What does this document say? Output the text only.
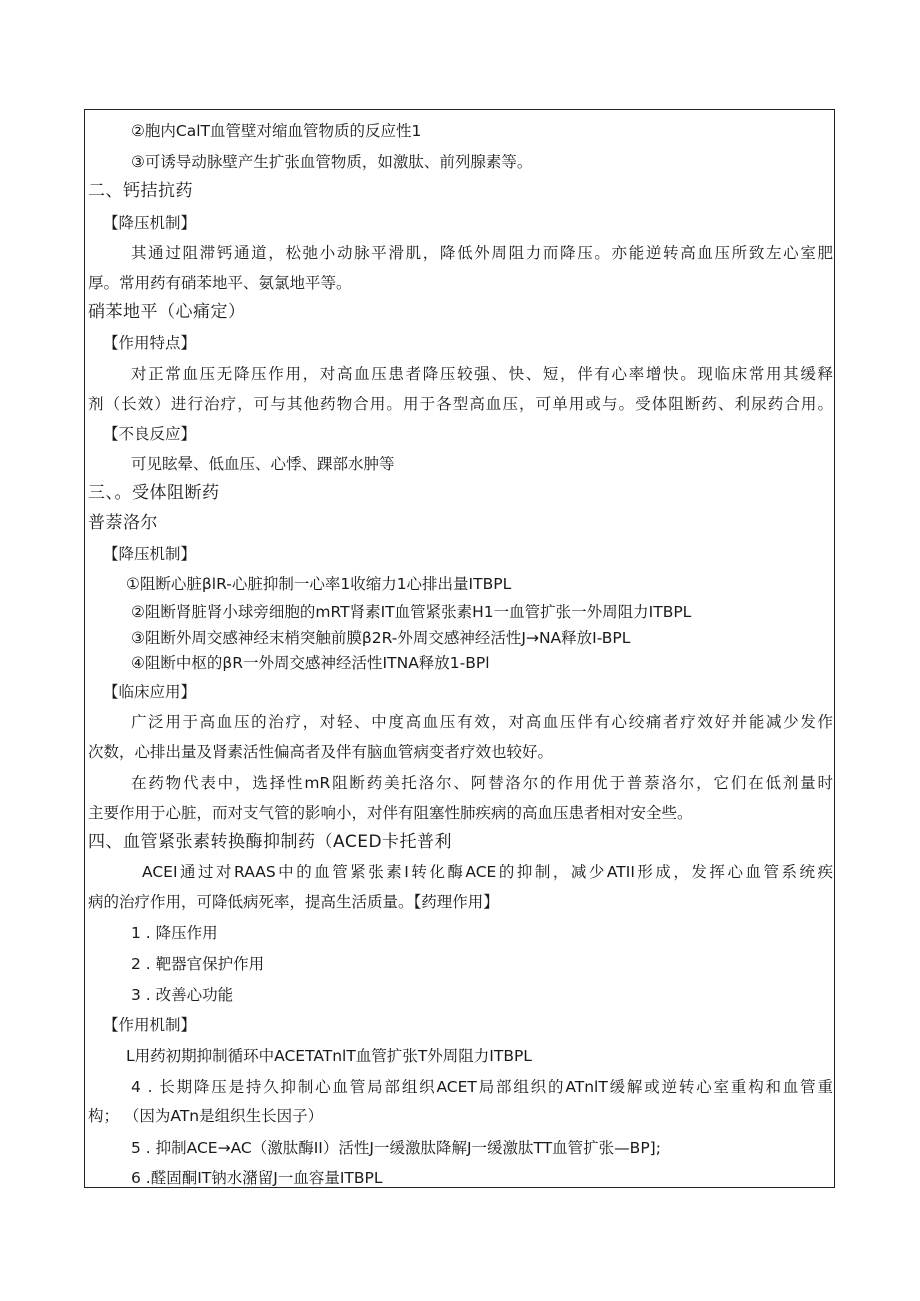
②胞内CalT血管壁对缩血管物质的反应性1

③可诱导动脉壁产生扩张血管物质，如激肽、前列腺素等。

二、钙拮抗药

【降压机制】

其通过阻滞钙通道，松弛小动脉平滑肌，降低外周阻力而降压。亦能逆转高血压所致左心室肥

厚。常用药有硝苯地平、氨氯地平等。

硝苯地平（心痛定）

【作用特点】

对正常血压无降压作用，对高血压患者降压较强、快、短，伴有心率增快。现临床常用其缓释

剂（长效）进行治疗，可与其他药物合用。用于各型高血压，可单用或与。受体阻断药、利尿药合用。

【不良反应】

可见眩晕、低血压、心悸、踝部水肿等

三、。受体阻断药

普萘洛尔

【降压机制】

①阻断心脏βlR-心脏抑制一心率1收缩力1心排出量ITBPL

②阻断肾脏肾小球旁细胞的mRT肾素IT血管紧张素H1一血管扩张一外周阻力ITBPL

③阻断外周交感神经末梢突触前膜β2R-外周交感神经活性J→NA释放I-BPL

④阻断中枢的βR一外周交感神经活性ITNA释放1-BPl

【临床应用】

广泛用于高血压的治疗，对轻、中度高血压有效，对高血压伴有心绞痛者疗效好并能减少发作

次数，心排出量及肾素活性偏高者及伴有脑血管病变者疗效也较好。

在药物代表中，选择性mR阻断药美托洛尔、阿替洛尔的作用优于普萘洛尔，它们在低剂量时

主要作用于心脏，而对支气管的影响小，对伴有阻塞性肺疾病的高血压患者相对安全些。

四、血管紧张素转换酶抑制药（ACED卡托普利

ACEI通过对RAAS中的血管紧张素I转化酶ACE的抑制，减少ATII形成，发挥心血管系统疾

病的治疗作用，可降低病死率，提高生活质量。【药理作用】

1 . 降压作用

2 . 靶器官保护作用

3 . 改善心功能

【作用机制】

L用药初期抑制循环中ACETATnlT血管扩张T外周阻力ITBPL

4 . 长期降压是持久抑制心血管局部组织ACET局部组织的ATnlT缓解或逆转心室重构和血管重

构； （因为ATn是组织生长因子）

5 . 抑制ACE→AC（激肽酶II）活性J一缓激肽降解J一缓激肽TT血管扩张—BP];

6 .醛固酮IT钠水潴留J一血容量ITBPL
